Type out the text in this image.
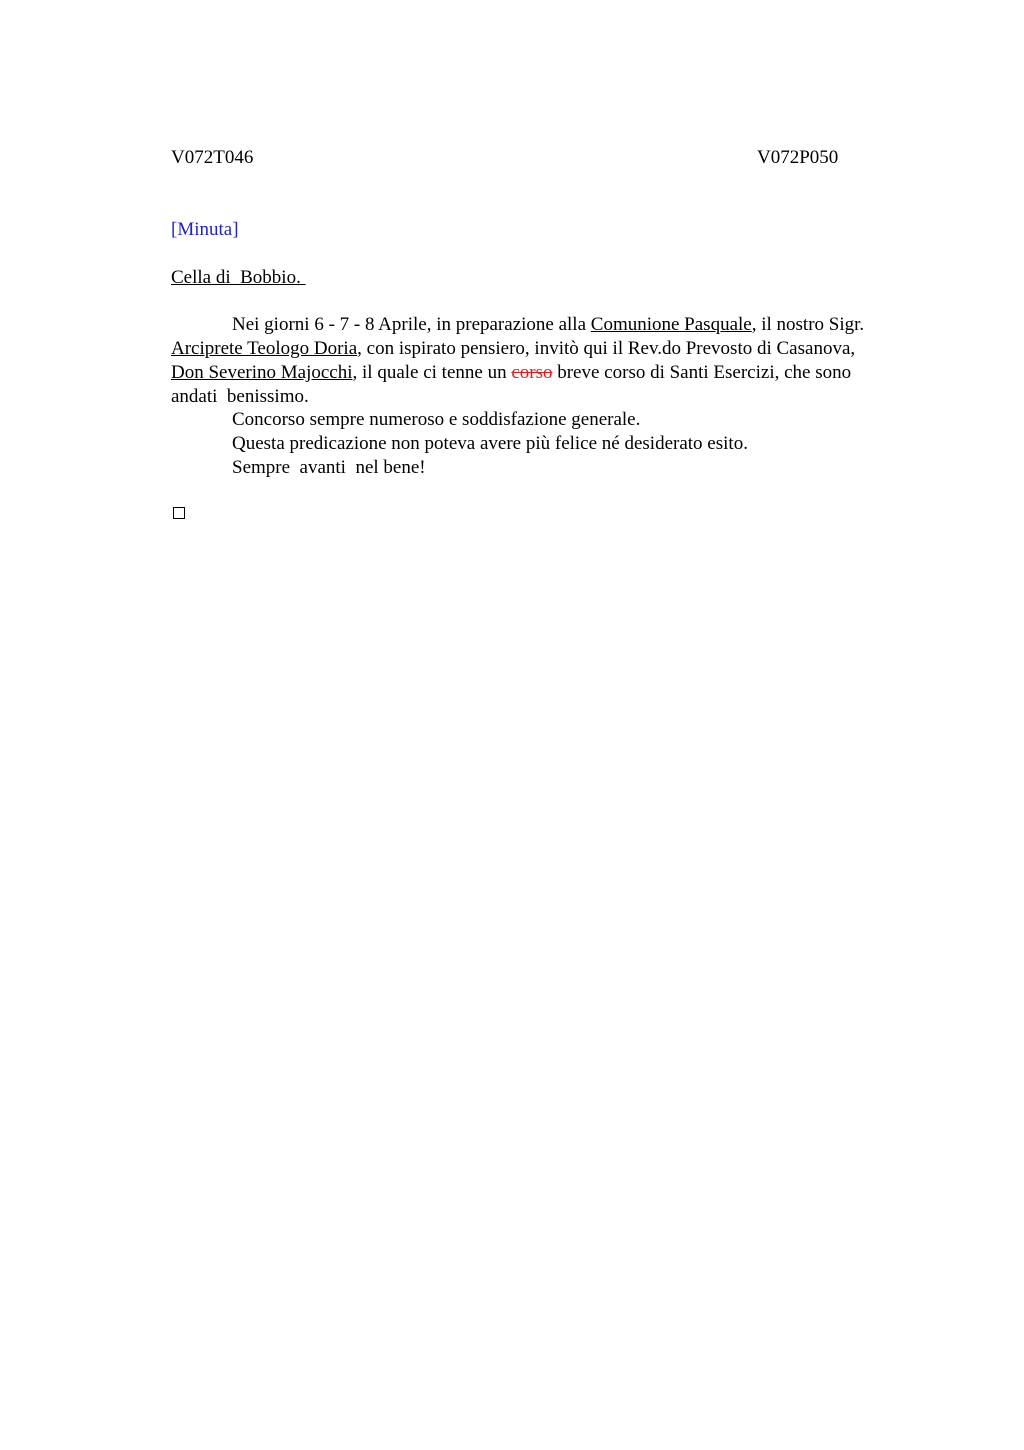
V072T046	V072P050
[Minuta]
Cella di  Bobbio.
Nei giorni 6 - 7 - 8 Aprile, in preparazione alla Comunione Pasquale, il nostro Sigr.
Arciprete Teologo Doria, con ispirato pensiero, invitò qui il Rev.do Prevosto di Casanova,
Don Severino Majocchi, il quale ci tenne un corso breve corso di Santi Esercizi, che sono
andati  benissimo.
Concorso sempre numeroso e soddisfazione generale.
Questa predicazione non poteva avere più felice né desiderato esito.
Sempre  avanti  nel bene!
